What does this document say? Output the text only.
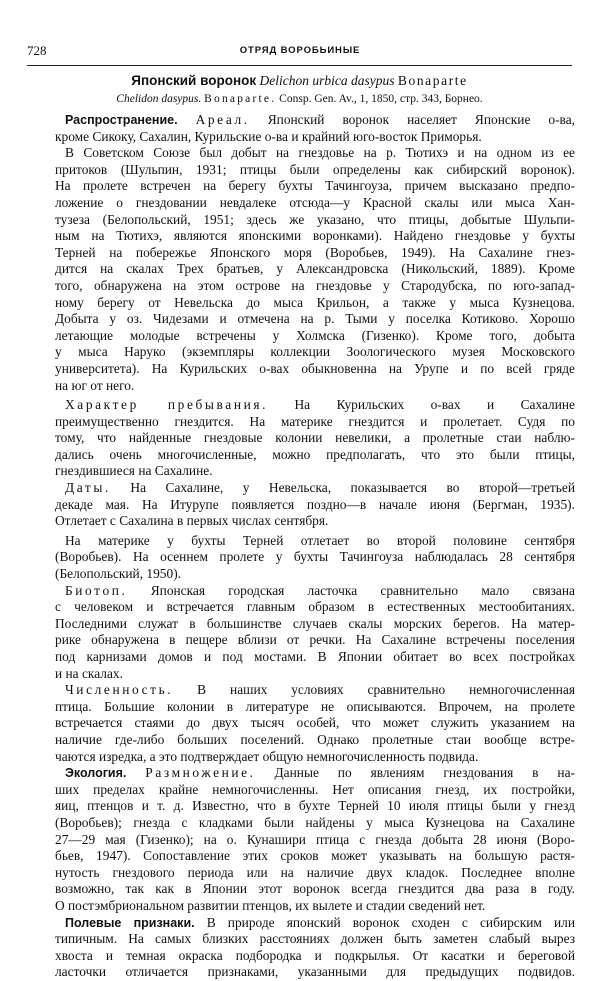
728	ОТРЯД ВОРОБЬИНЫЕ
Японский воронок Delichon urbica dasypus Bonaparte
Chelidon dasypus. Bonaparte. Consp. Gen. Av., 1, 1850, стр. 343, Борнео.
Распространение. Ареал. Японский воронок населяет Японские о-ва,
кроме Сикоку, Сахалин, Курильские о-ва и крайний юго-восток Приморья.
В Советском Союзе был добыт на гнездовье на р. Тютихэ и на одном из ее
притоков (Шульпин, 1931; птицы были определены как сибирский воронок).
На пролете встречен на берегу бухты Тачингоуза, причем высказано предпо-
ложение о гнездовании невдалеке отсюда—у Красной скалы или мыса Хан-
тузеза (Белопольский, 1951; здесь же указано, что птицы, добытые Шульпи-
ным на Тютихэ, являются японскими воронками). Найдено гнездовье у бухты
Терней на побережье Японского моря (Воробьев, 1949). На Сахалине гнез-
дится на скалах Трех братьев, у Александровска (Никольский, 1889). Кроме
того, обнаружена на этом острове на гнездовье у Стародубска, по юго-запад-
ному берегу от Невельска до мыса Крильон, а также у мыса Кузнецова.
Добыта у оз. Чидезами и отмечена на р. Тыми у поселка Котиково. Хорошо
летающие молодые встречены у Холмска (Гизенко). Кроме того, добыта
у мыса Наруко (экземпляры коллекции Зоологического музея Московского
университета). На Курильских о-вах обыкновенна на Урупе и по всей гряде
на юг от него.
Характер пребывания. На Курильских о-вах и Сахалине
преимущественно гнездится. На материке гнездится и пролетает. Судя по
тому, что найденные гнездовые колонии невелики, а пролетные стаи наблю-
дались очень многочисленные, можно предполагать, что это были птицы,
гнездившиеся на Сахалине.
Даты. На Сахалине, у Невельска, показывается во второй—третьей
декаде мая. На Итурупе появляется поздно—в начале июня (Бергман, 1935).
Отлетает с Сахалина в первых числах сентября.
На материке у бухты Терней отлетает во второй половине сентября
(Воробьев). На осеннем пролете у бухты Тачингоуза наблюдалась 28 сентября
(Белопольский, 1950).
Биотоп. Японская городская ласточка сравнительно мало связана
с человеком и встречается главным образом в естественных местообитаниях.
Последними служат в большинстве случаев скалы морских берегов. На матер-
рике обнаружена в пещере вблизи от речки. На Сахалине встречены поселения
под карнизами домов и под мостами. В Японии обитает во всех постройках
и на скалах.
Численность. В наших условиях сравнительно немногочисленная
птица. Большие колонии в литературе не описываются. Впрочем, на пролете
встречается стаями до двух тысяч особей, что может служить указанием на
наличие где-либо больших поселений. Однако пролетные стаи вообще встре-
чаются изредка, а это подтверждает общую немногочисленность подвида.
Экология. Размножение. Данные по явлениям гнездования в на-
ших пределах крайне немногочисленны. Нет описания гнезд, их постройки,
яиц, птенцов и т. д. Известно, что в бухте Терней 10 июля птицы были у гнезд
(Воробьев); гнезда с кладками были найдены у мыса Кузнецова на Сахалине
27—29 мая (Гизенко); на о. Кунашири птица с гнезда добыта 28 июня (Воро-
бьев, 1947). Сопоставление этих сроков может указывать на большую растя-
нутость гнездового периода или на наличие двух кладок. Последнее вполне
возможно, так как в Японии этот воронок всегда гнездится два раза в году.
О постэмбриональном развитии птенцов, их вылете и стадии сведений нет.
Полевые признаки. В природе японский воронок сходен с сибирским или
типичным. На самых близких расстояниях должен быть заметен слабый вырез
хвоста и темная окраска подбородка и подкрылья. От касатки и береговой
ласточки отличается признаками, указанными для предыдущих подвидов.
